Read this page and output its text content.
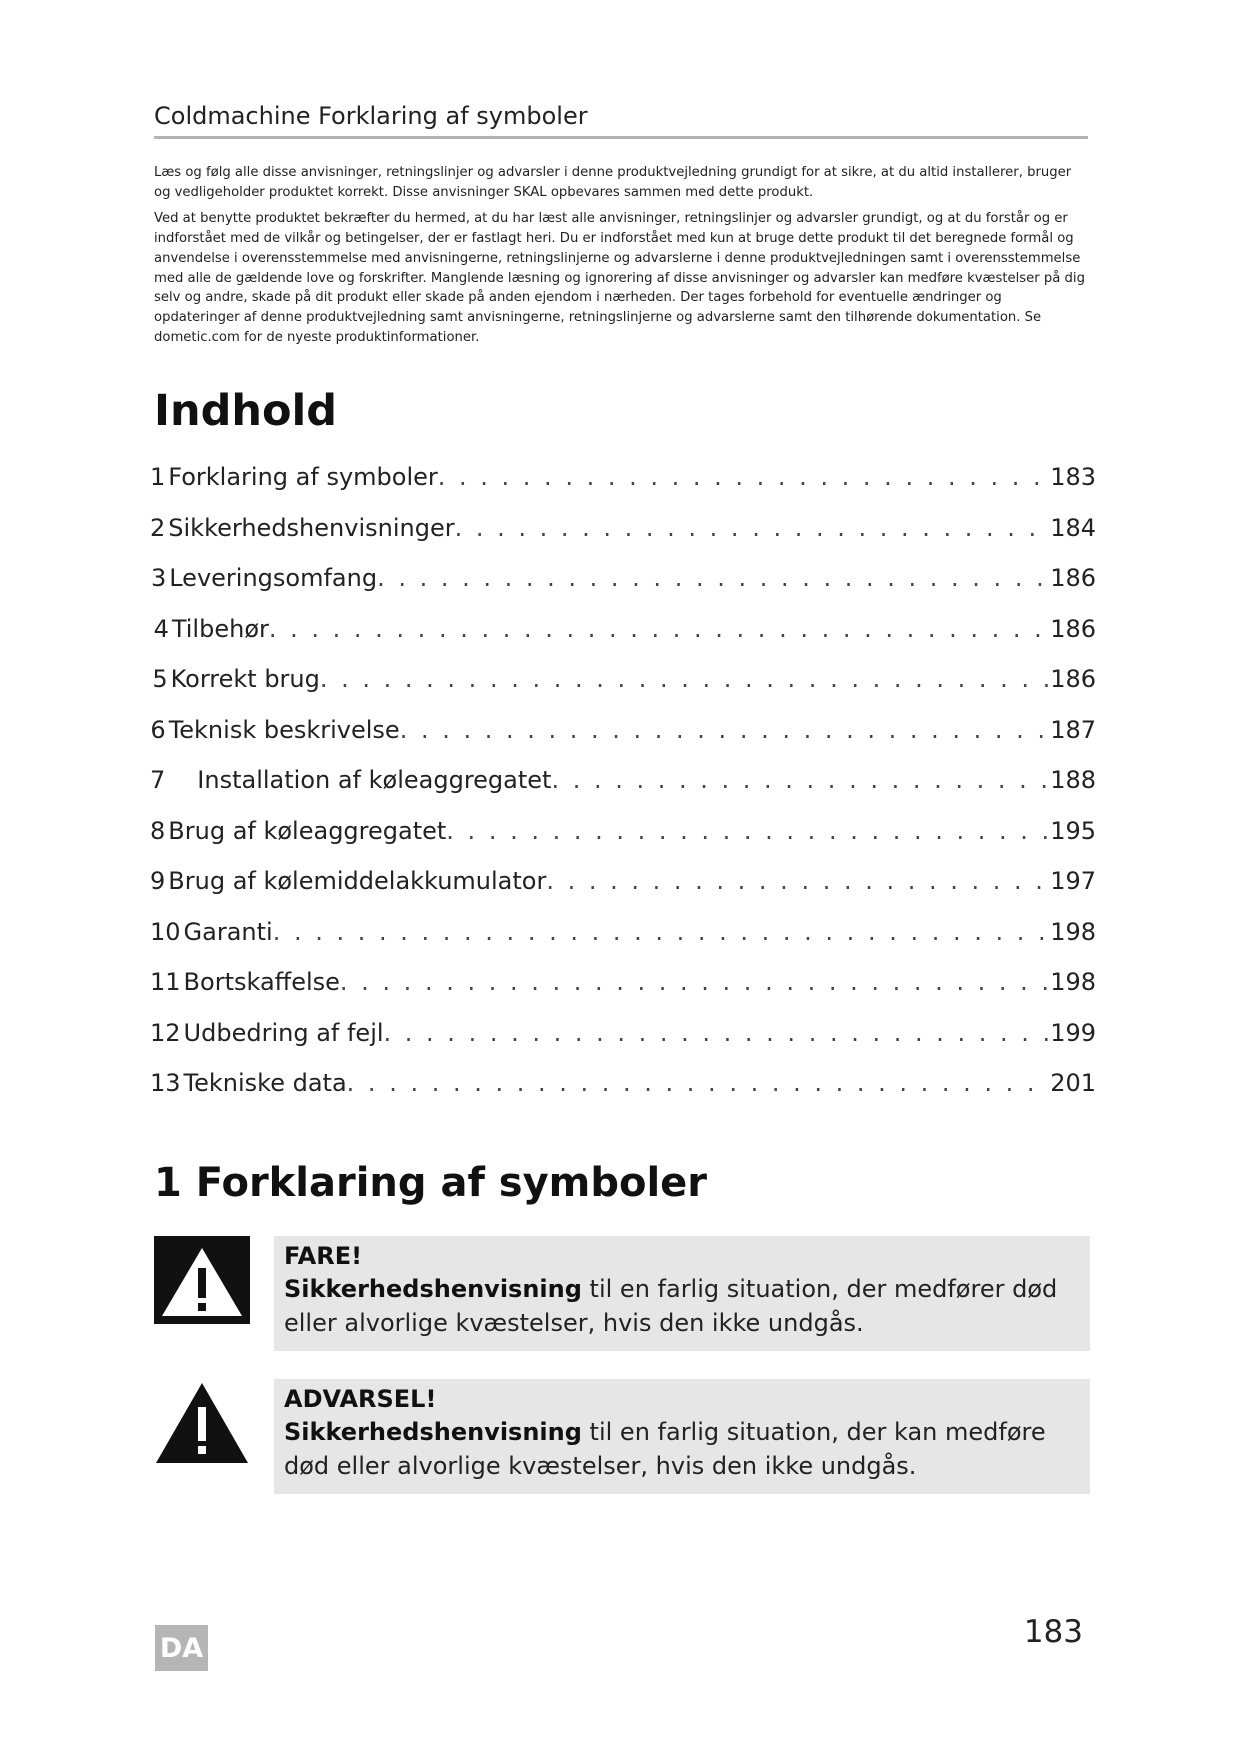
Coldmachine Forklaring af symboler

Læs og følg alle disse anvisninger, retningslinjer og advarsler i denne produktvejledning grundigt for at sikre, at du altid installerer, bruger og vedligeholder produktet korrekt. Disse anvisninger SKAL opbevares sammen med dette produkt.

Ved at benytte produktet bekræfter du hermed, at du har læst alle anvisninger, retningslinjer og advarsler grundigt, og at du forstår og er indforstået med de vilkår og betingelser, der er fastlagt heri. Du er indforstået med kun at bruge dette produkt til det beregnede formål og anvendelse i overensstemmelse med anvisningerne, retningslinjerne og advarslerne i denne produktvejledningen samt i overensstemmelse med alle de gældende love og forskrifter. Manglende læsning og ignorering af disse anvisninger og advarsler kan medføre kvæstelser på dig selv og andre, skade på dit produkt eller skade på anden ejendom i nærheden. Der tages forbehold for eventuelle ændringer og opdateringer af denne produktvejledning samt anvisningerne, retningslinjerne og advarslerne samt den tilhørende dokumentation. Se dometic.com for de nyeste produktinformationer.

Indhold
1 Forklaring af symboler . . .	183
2 Sikkerhedshenvisninger . . .	184
3 Leveringsomfang . . .	186
4 Tilbehør . . .	186
5 Korrekt brug . . .	186
6 Teknisk beskrivelse . . .	187
7	Installation af køleaggregatet . . .	188
8 Brug af køleaggregatet . . .	195
9 Brug af kølemiddelakkumulator . . .	197
10 Garanti . . .	198
11 Bortskaffelse . . .	198
12 Udbedring af fejl . . .	199
13 Tekniske data . . .	201
1 Forklaring af symboler

FARE!

Sikkerhedshenvisning til en farlig situation, der medfører død eller alvorlige kvæstelser, hvis den ikke undgås.

ADVARSEL!

Sikkerhedshenvisning til en farlig situation, der kan medføre død eller alvorlige kvæstelser, hvis den ikke undgås.

DA	183
